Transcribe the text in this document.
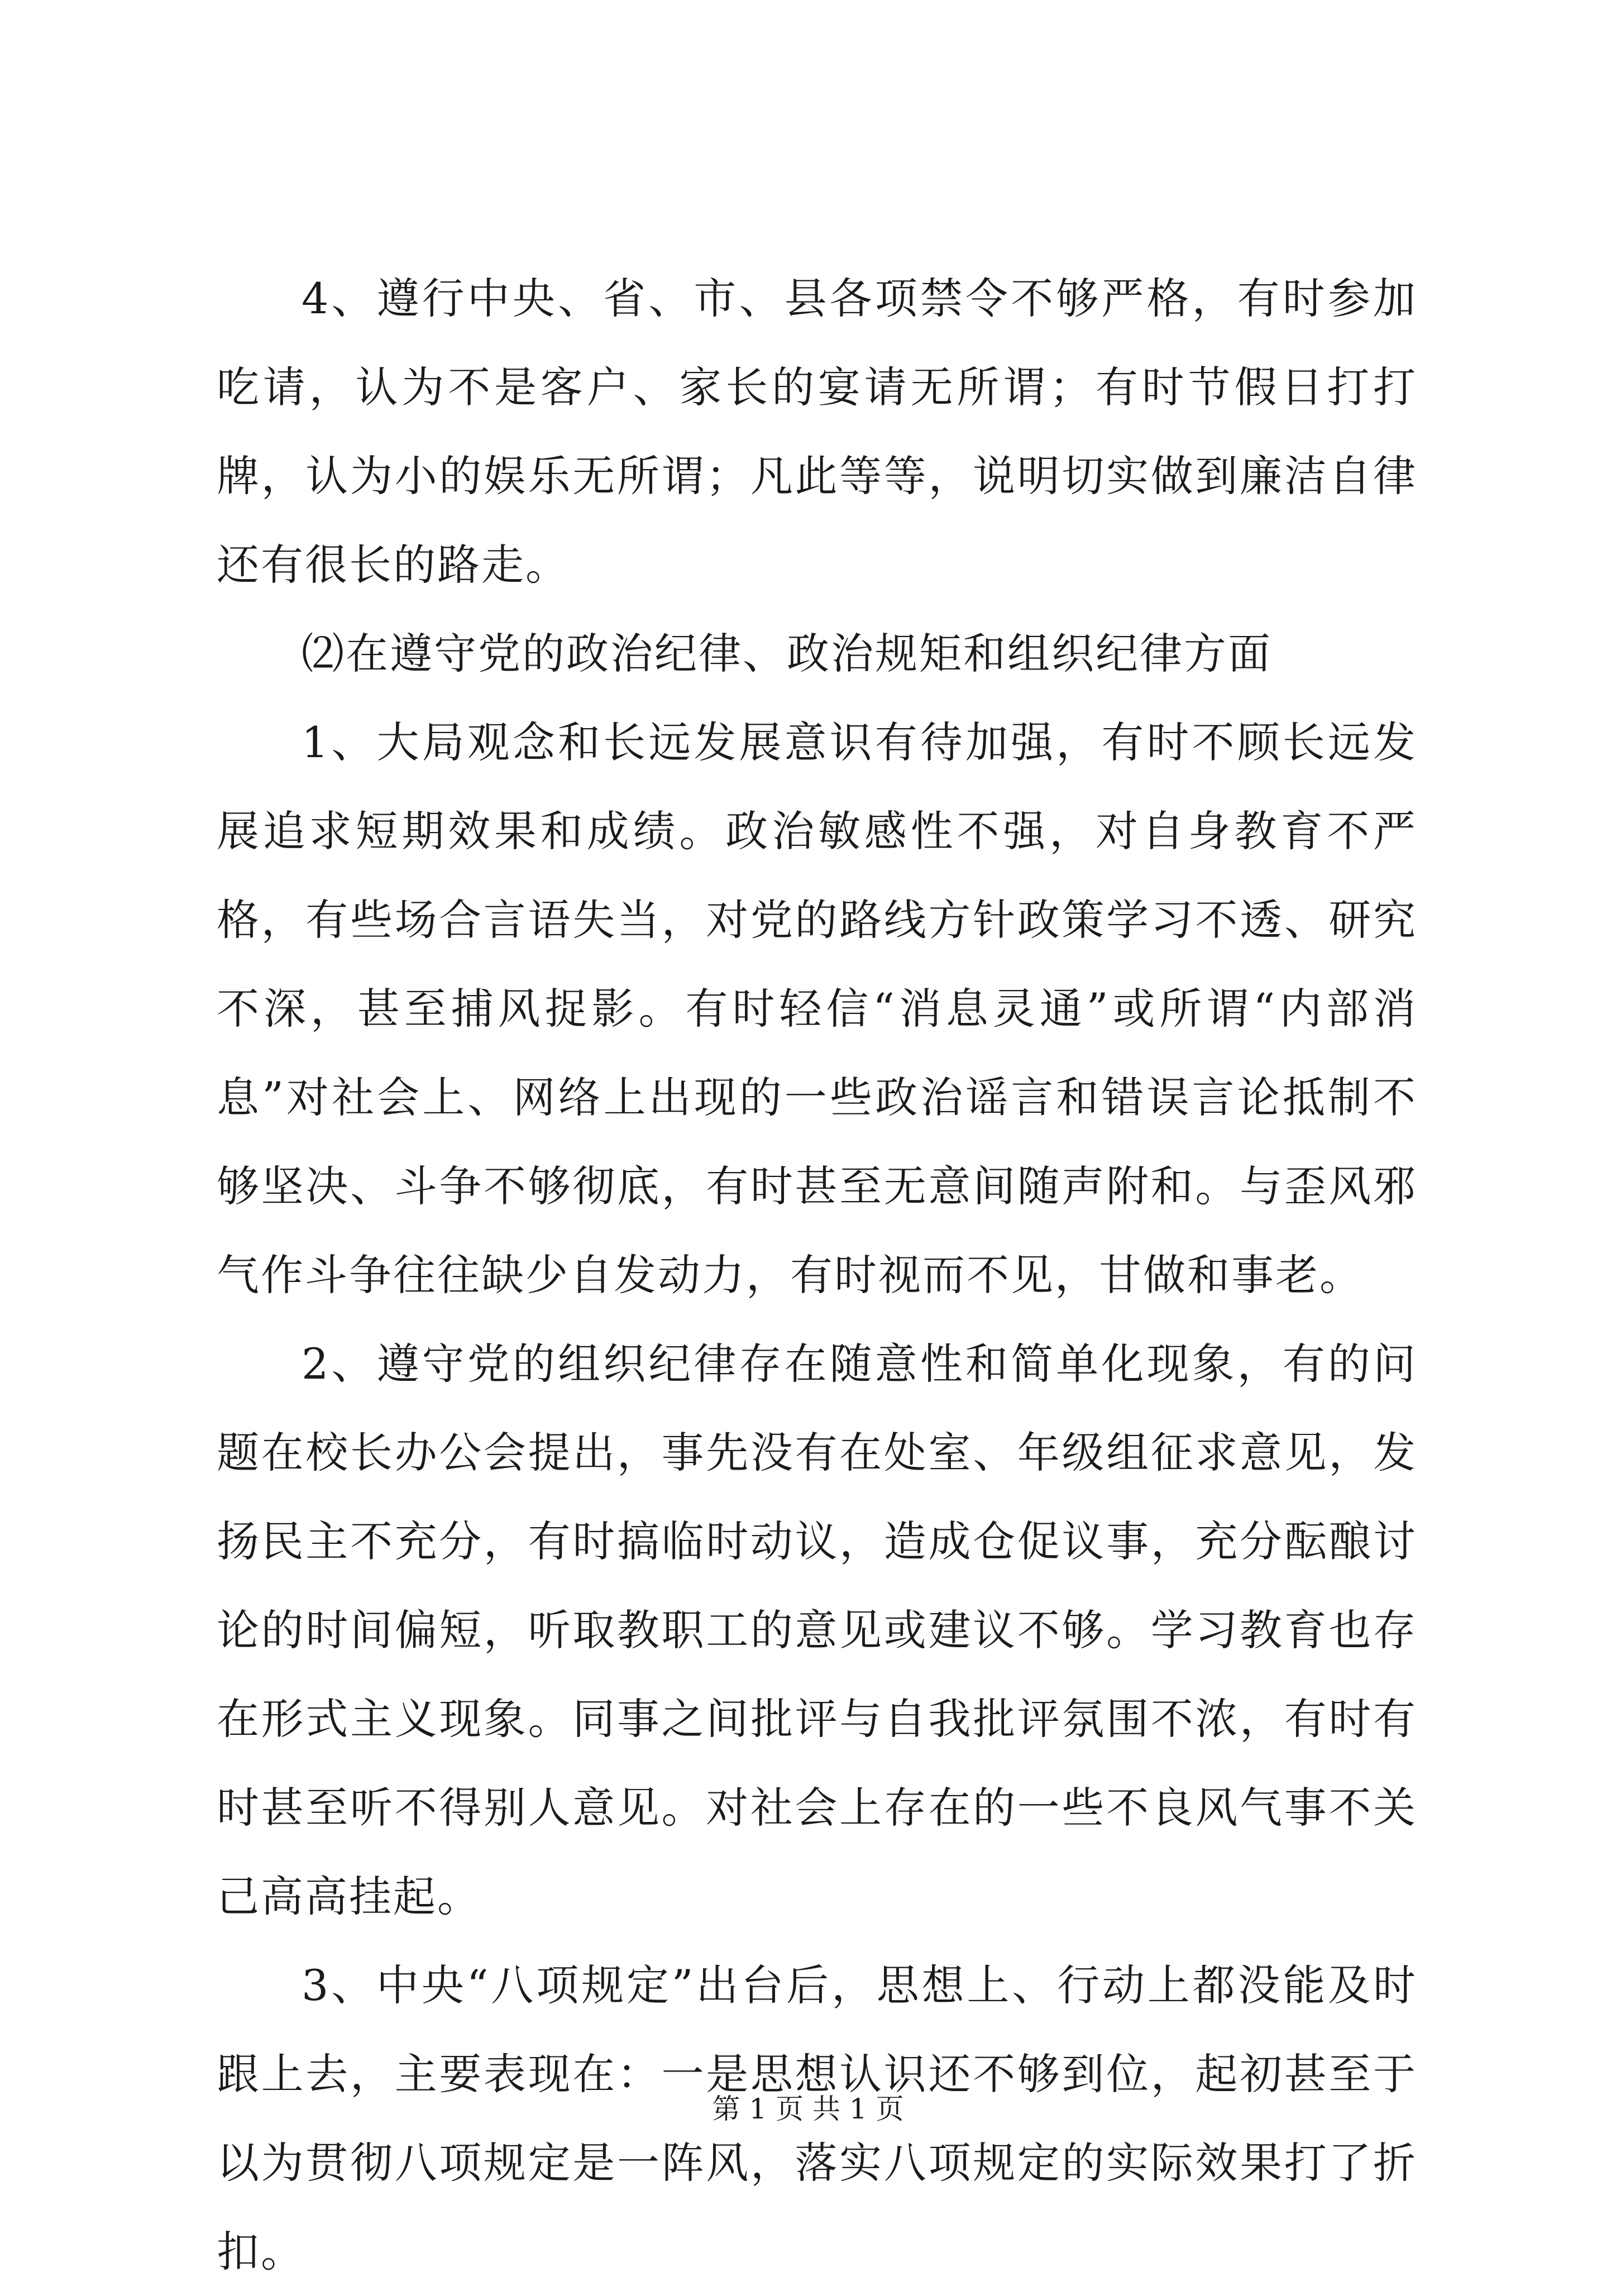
4、遵行中央、省、市、县各项禁令不够严格，有时参加吃请，认为不是客户、家长的宴请无所谓；有时节假日打打牌，认为小的娱乐无所谓；凡此等等，说明切实做到廉洁自律还有很长的路走。

⑵在遵守党的政治纪律、政治规矩和组织纪律方面

1、大局观念和长远发展意识有待加强，有时不顾长远发展追求短期效果和成绩。政治敏感性不强，对自身教育不严格，有些场合言语失当，对党的路线方针政策学习不透、研究不深，甚至捕风捉影。有时轻信“消息灵通”或所谓“内部消息”对社会上、网络上出现的一些政治谣言和错误言论抵制不够坚决、斗争不够彻底，有时甚至无意间随声附和。与歪风邪气作斗争往往缺少自发动力，有时视而不见，甘做和事老。

2、遵守党的组织纪律存在随意性和简单化现象，有的问题在校长办公会提出，事先没有在处室、年级组征求意见，发扬民主不充分，有时搞临时动议，造成仓促议事，充分酝酿讨论的时间偏短，听取教职工的意见或建议不够。学习教育也存在形式主义现象。同事之间批评与自我批评氛围不浓，有时有时甚至听不得别人意见。对社会上存在的一些不良风气事不关己高高挂起。

3、中央“八项规定”出台后，思想上、行动上都没能及时跟上去，主要表现在：一是思想认识还不够到位，起初甚至于以为贯彻八项规定是一阵风，落实八项规定的实际效果打了折扣。

第 1 页 共 1 页
